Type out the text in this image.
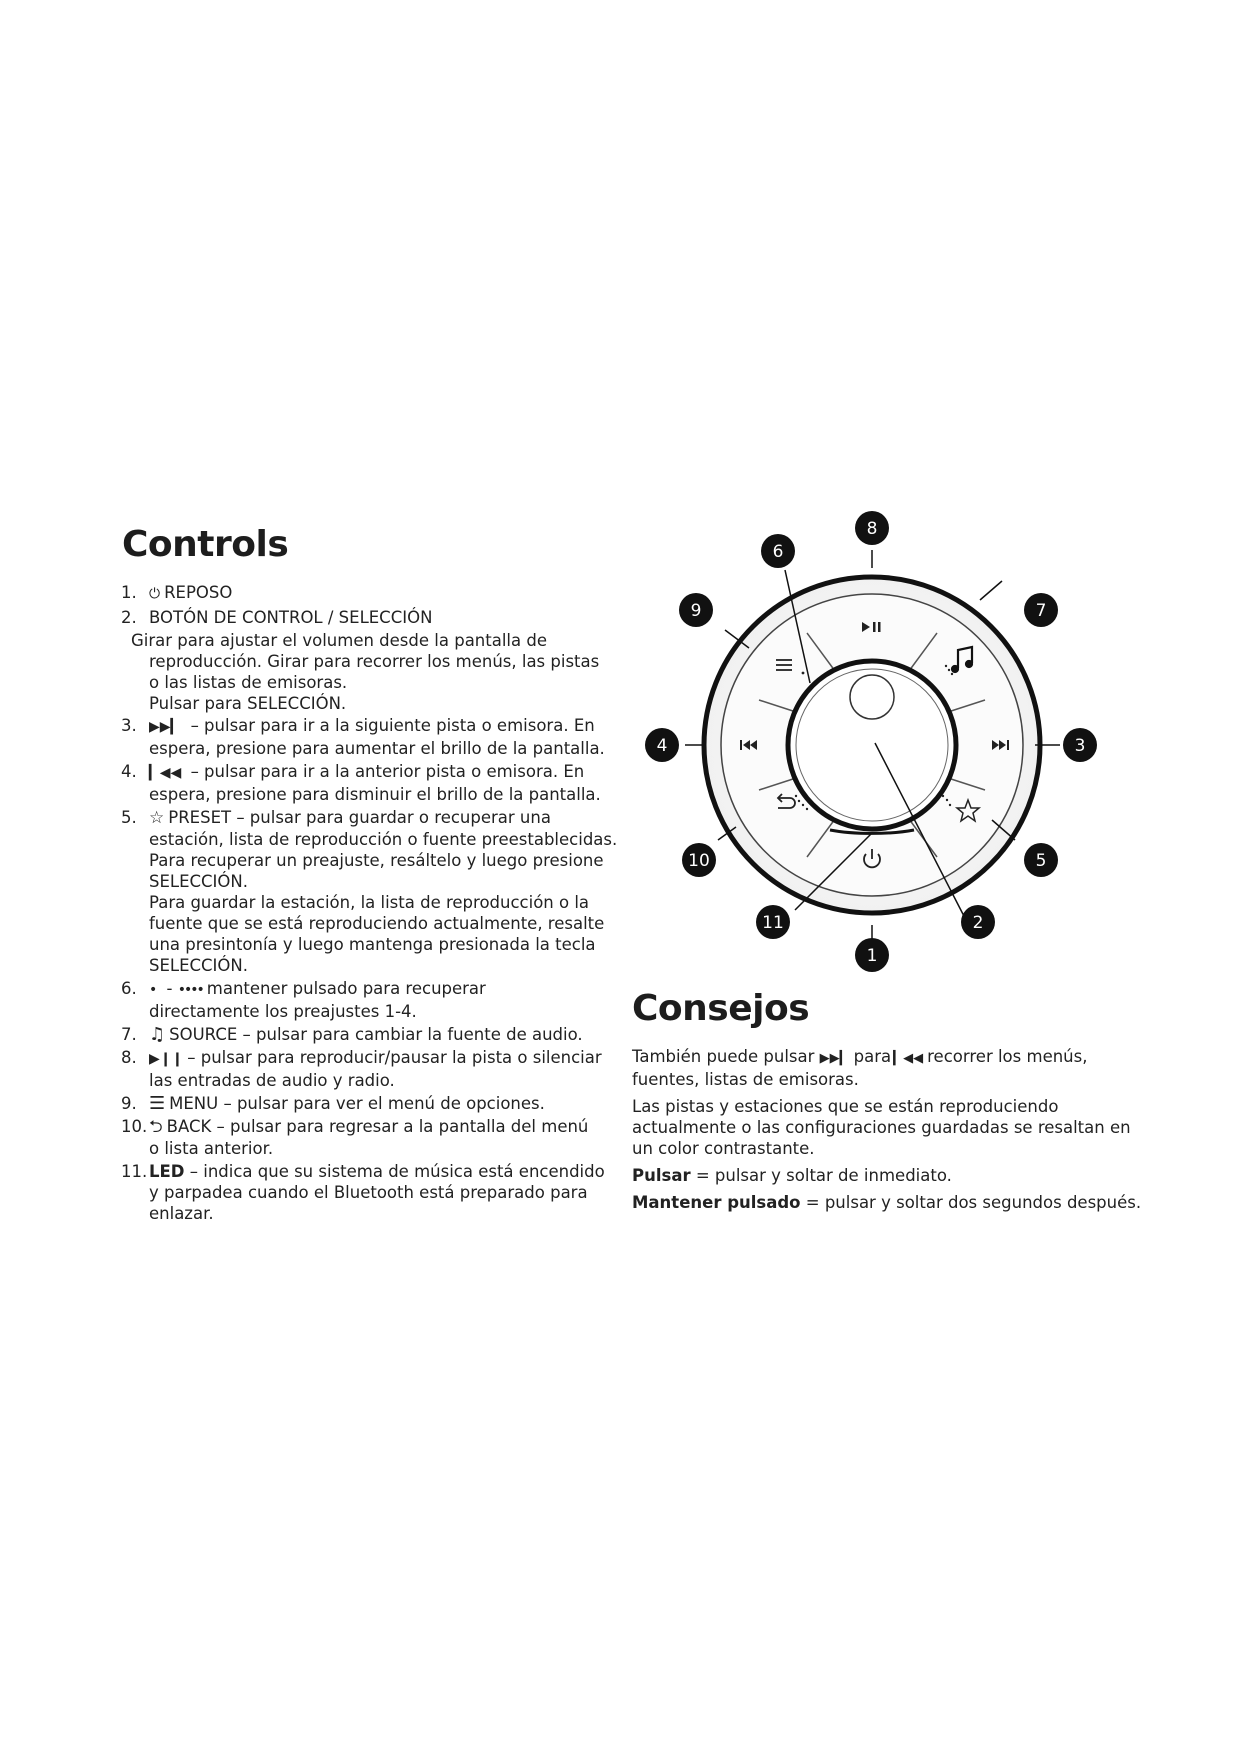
Controls
1. ⏻ REPOSO
2. BOTÓN DE CONTROL / SELECCIÓN
Girar para ajustar el volumen desde la pantalla de
reproducción. Girar para recorrer los menús, las pistas
o las listas de emisoras.
Pulsar para SELECCIÓN.
3. ▶▶▎ – pulsar para ir a la siguiente pista o emisora. En
espera, presione para aumentar el brillo de la pantalla.
4. ▎◀◀ – pulsar para ir a la anterior pista o emisora. En
espera, presione para disminuir el brillo de la pantalla.
5. ☆ PRESET – pulsar para guardar o recuperar una
estación, lista de reproducción o fuente preestablecidas.
Para recuperar un preajuste, resáltelo y luego presione
SELECCIÓN.
Para guardar la estación, la lista de reproducción o la
fuente que se está reproduciendo actualmente, resalte
una presintonía y luego mantenga presionada la tecla
SELECCIÓN.
6. • - •••• mantener pulsado para recuperar
directamente los preajustes 1-4.
7. ♫ SOURCE – pulsar para cambiar la fuente de audio.
8. ▶❙❙ – pulsar para reproducir/pausar la pista o silenciar
las entradas de audio y radio.
9. ☰ MENU – pulsar para ver el menú de opciones.
10. ⮌ BACK – pulsar para regresar a la pantalla del menú
o lista anterior.
11. LED – indica que su sistema de música está encendido
y parpadea cuando el Bluetooth está preparado para
enlazar.
8
6
9	7
4	3
10	5
11	2
1
Consejos

También puede pulsar ▶▶▎ para ▎◀◀ recorrer los menús,
fuentes, listas de emisoras.

Las pistas y estaciones que se están reproduciendo
actualmente o las configuraciones guardadas se resaltan en
un color contrastante.

Pulsar = pulsar y soltar de inmediato.

Mantener pulsado = pulsar y soltar dos segundos después.
